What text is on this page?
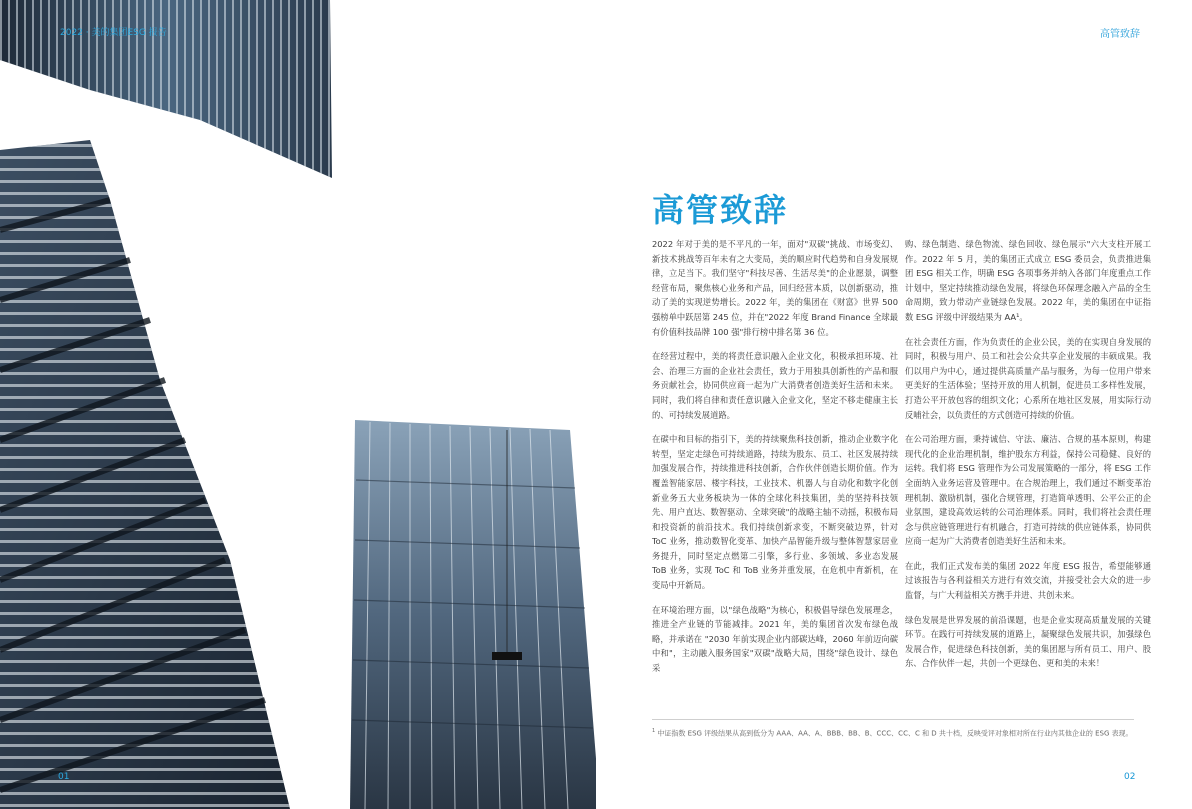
2022 · 美的集团ESG 报告
01
高管致辞
高管致辞

2022 年对于美的是不平凡的一年，面对"双碳"挑战、市场变幻、新技术挑战等百年未有之大变局，美的顺应时代趋势和自身发展规律，立足当下。我们坚守"科技尽善、生活尽美"的企业愿景，调整经营布局，聚焦核心业务和产品，回归经营本质，以创新驱动，推动了美的实现逆势增长。2022 年，美的集团在《财富》世界 500 强榜单中跃居第 245 位，并在"2022 年度 Brand Finance 全球最有价值科技品牌 100 强"排行榜中排名第 36 位。

在经营过程中，美的将责任意识融入企业文化，积极承担环境、社会、治理三方面的企业社会责任，致力于用独具创新性的产品和服务贡献社会，协同供应商一起为广大消费者创造美好生活和未来。同时，我们将自律和责任意识融入企业文化，坚定不移走健康主长的、可持续发展道路。

在碳中和目标的指引下，美的持续聚焦科技创新，推动企业数字化转型，坚定走绿色可持续道路，持续为股东、员工、社区发展持续加强发展合作，持续推进科技创新，合作伙伴创造长期价值。作为覆盖智能家居、楼宇科技，工业技术、机器人与自动化和数字化创新业务五大业务板块为一体的全球化科技集团，美的坚持科技领先、用户直达、数智驱动、全球突破"的战略主轴不动摇，积极布局和投资新的前沿技术。我们持续创新求变，不断突破边界，针对 ToC 业务，推动数智化变革、加快产品智能升级与整体智慧家居业务提升，同时坚定点燃第二引擎，多行业、多领域、多业态发展 ToB 业务，实现 ToC 和 ToB 业务并重发展，在危机中育新机，在变局中开新局。

在环境治理方面，以"绿色战略"为核心，积极倡导绿色发展理念，推进全产业链的节能减排。2021 年，美的集团首次发布绿色战略，并承诺在 "2030 年前实现企业内部碳达峰，2060 年前迈向碳中和"，主动融入服务国家"双碳"战略大局，围绕"绿色设计、绿色采

购、绿色制造、绿色物流、绿色回收、绿色展示"六大支柱开展工作。2022 年 5 月，美的集团正式成立 ESG 委员会，负责推进集团 ESG 相关工作，明确 ESG 各项事务并纳入各部门年度重点工作计划中，坚定持续推动绿色发展，将绿色环保理念融入产品的全生命周期，致力带动产业链绿色发展。2022 年，美的集团在中证指数 ESG 评级中评级结果为 AA¹。

在社会责任方面，作为负责任的企业公民，美的在实现自身发展的同时，积极与用户、员工和社会公众共享企业发展的丰硕成果。我们以用户为中心，通过提供高质量产品与服务，为每一位用户带来更美好的生活体验；坚持开放的用人机制，促进员工多样性发展，打造公平开放包容的组织文化；心系所在地社区发展，用实际行动反哺社会，以负责任的方式创造可持续的价值。

在公司治理方面，秉持诚信、守法、廉洁、合规的基本原则，构建现代化的企业治理机制，维护股东方利益，保持公司稳健、良好的运转。我们将 ESG 管理作为公司发展策略的一部分，将 ESG 工作全面纳入业务运营及管理中。在合规治理上，我们通过不断变革治理机制、激励机制，强化合规管理，打造简单透明、公平公正的企业氛围，建设高效运转的公司治理体系。同时，我们将社会责任理念与供应链管理进行有机融合，打造可持续的供应链体系，协同供应商一起为广大消费者创造美好生活和未来。

在此，我们正式发布美的集团 2022 年度 ESG 报告，希望能够通过该报告与各利益相关方进行有效交流，并接受社会大众的进一步监督，与广大利益相关方携手并进、共创未来。

绿色发展是世界发展的前沿课题，也是企业实现高质量发展的关键环节。在践行可持续发展的道路上，凝聚绿色发展共识，加强绿色发展合作，促进绿色科技创新，美的集团愿与所有员工、用户、股东、合作伙伴一起，共创一个更绿色、更和美的未来！

$^1$ 中证指数 ESG 评级结果从高到低分为 AAA、AA、A、BBB、BB、B、CCC、CC、C 和 D 共十档，反映受评对象相对所在行业内其他企业的 ESG 表现。
02
